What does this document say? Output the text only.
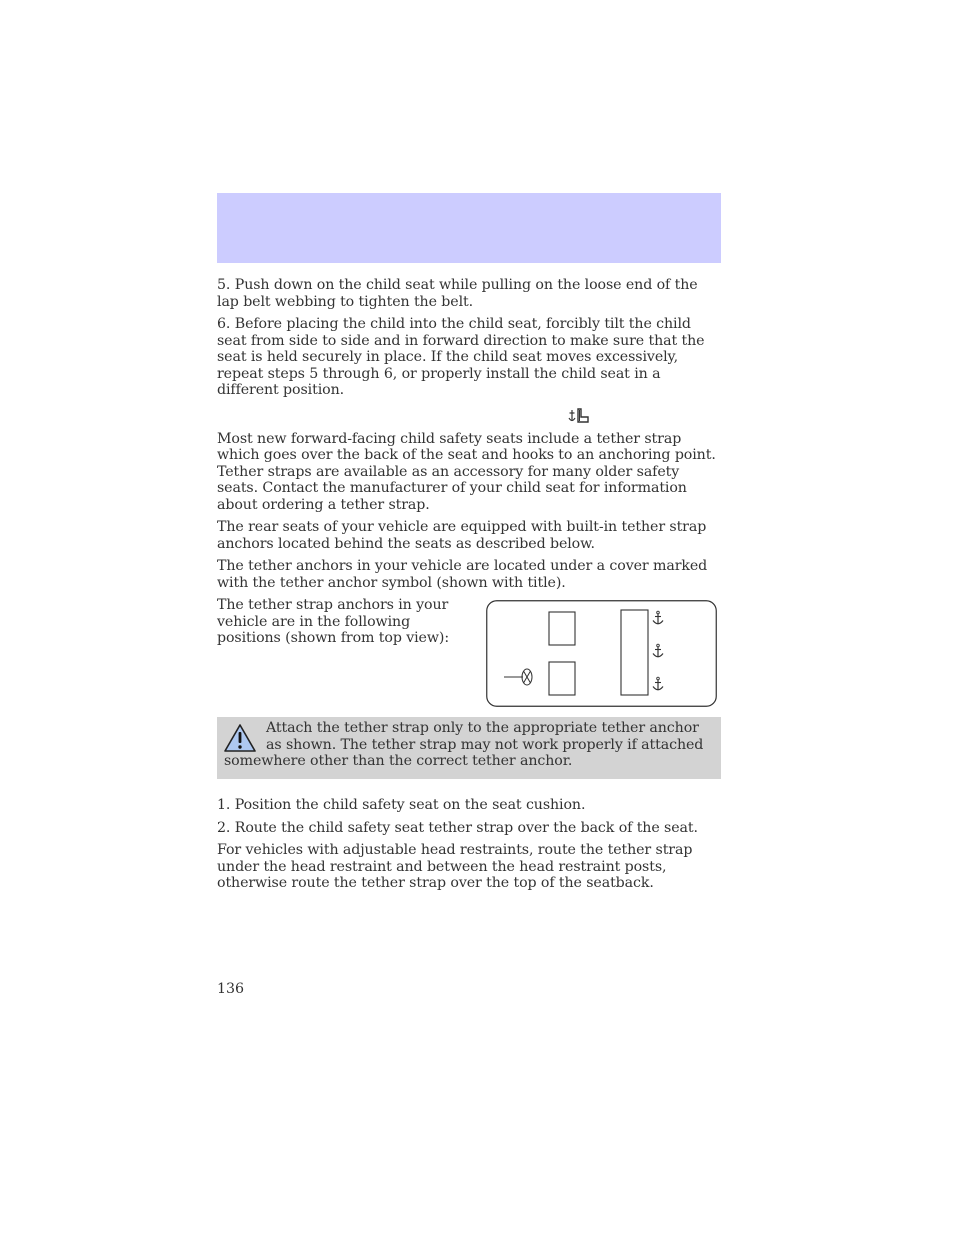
5. Push down on the child seat while pulling on the loose end of the lap belt webbing to tighten the belt.

6. Before placing the child into the child seat, forcibly tilt the child seat from side to side and in forward direction to make sure that the seat is held securely in place. If the child seat moves excessively, repeat steps 5 through 6, or properly install the child seat in a different position.

Most new forward-facing child safety seats include a tether strap which goes over the back of the seat and hooks to an anchoring point. Tether straps are available as an accessory for many older safety seats. Contact the manufacturer of your child seat for information about ordering a tether strap.

The rear seats of your vehicle are equipped with built-in tether strap anchors located behind the seats as described below.

The tether anchors in your vehicle are located under a cover marked with the tether anchor symbol (shown with title).

The tether strap anchors in your vehicle are in the following positions (shown from top view):

Attach the tether strap only to the appropriate tether anchor as shown. The tether strap may not work properly if attached somewhere other than the correct tether anchor.

1. Position the child safety seat on the seat cushion.

2. Route the child safety seat tether strap over the back of the seat.

For vehicles with adjustable head restraints, route the tether strap under the head restraint and between the head restraint posts, otherwise route the tether strap over the top of the seatback.

136
